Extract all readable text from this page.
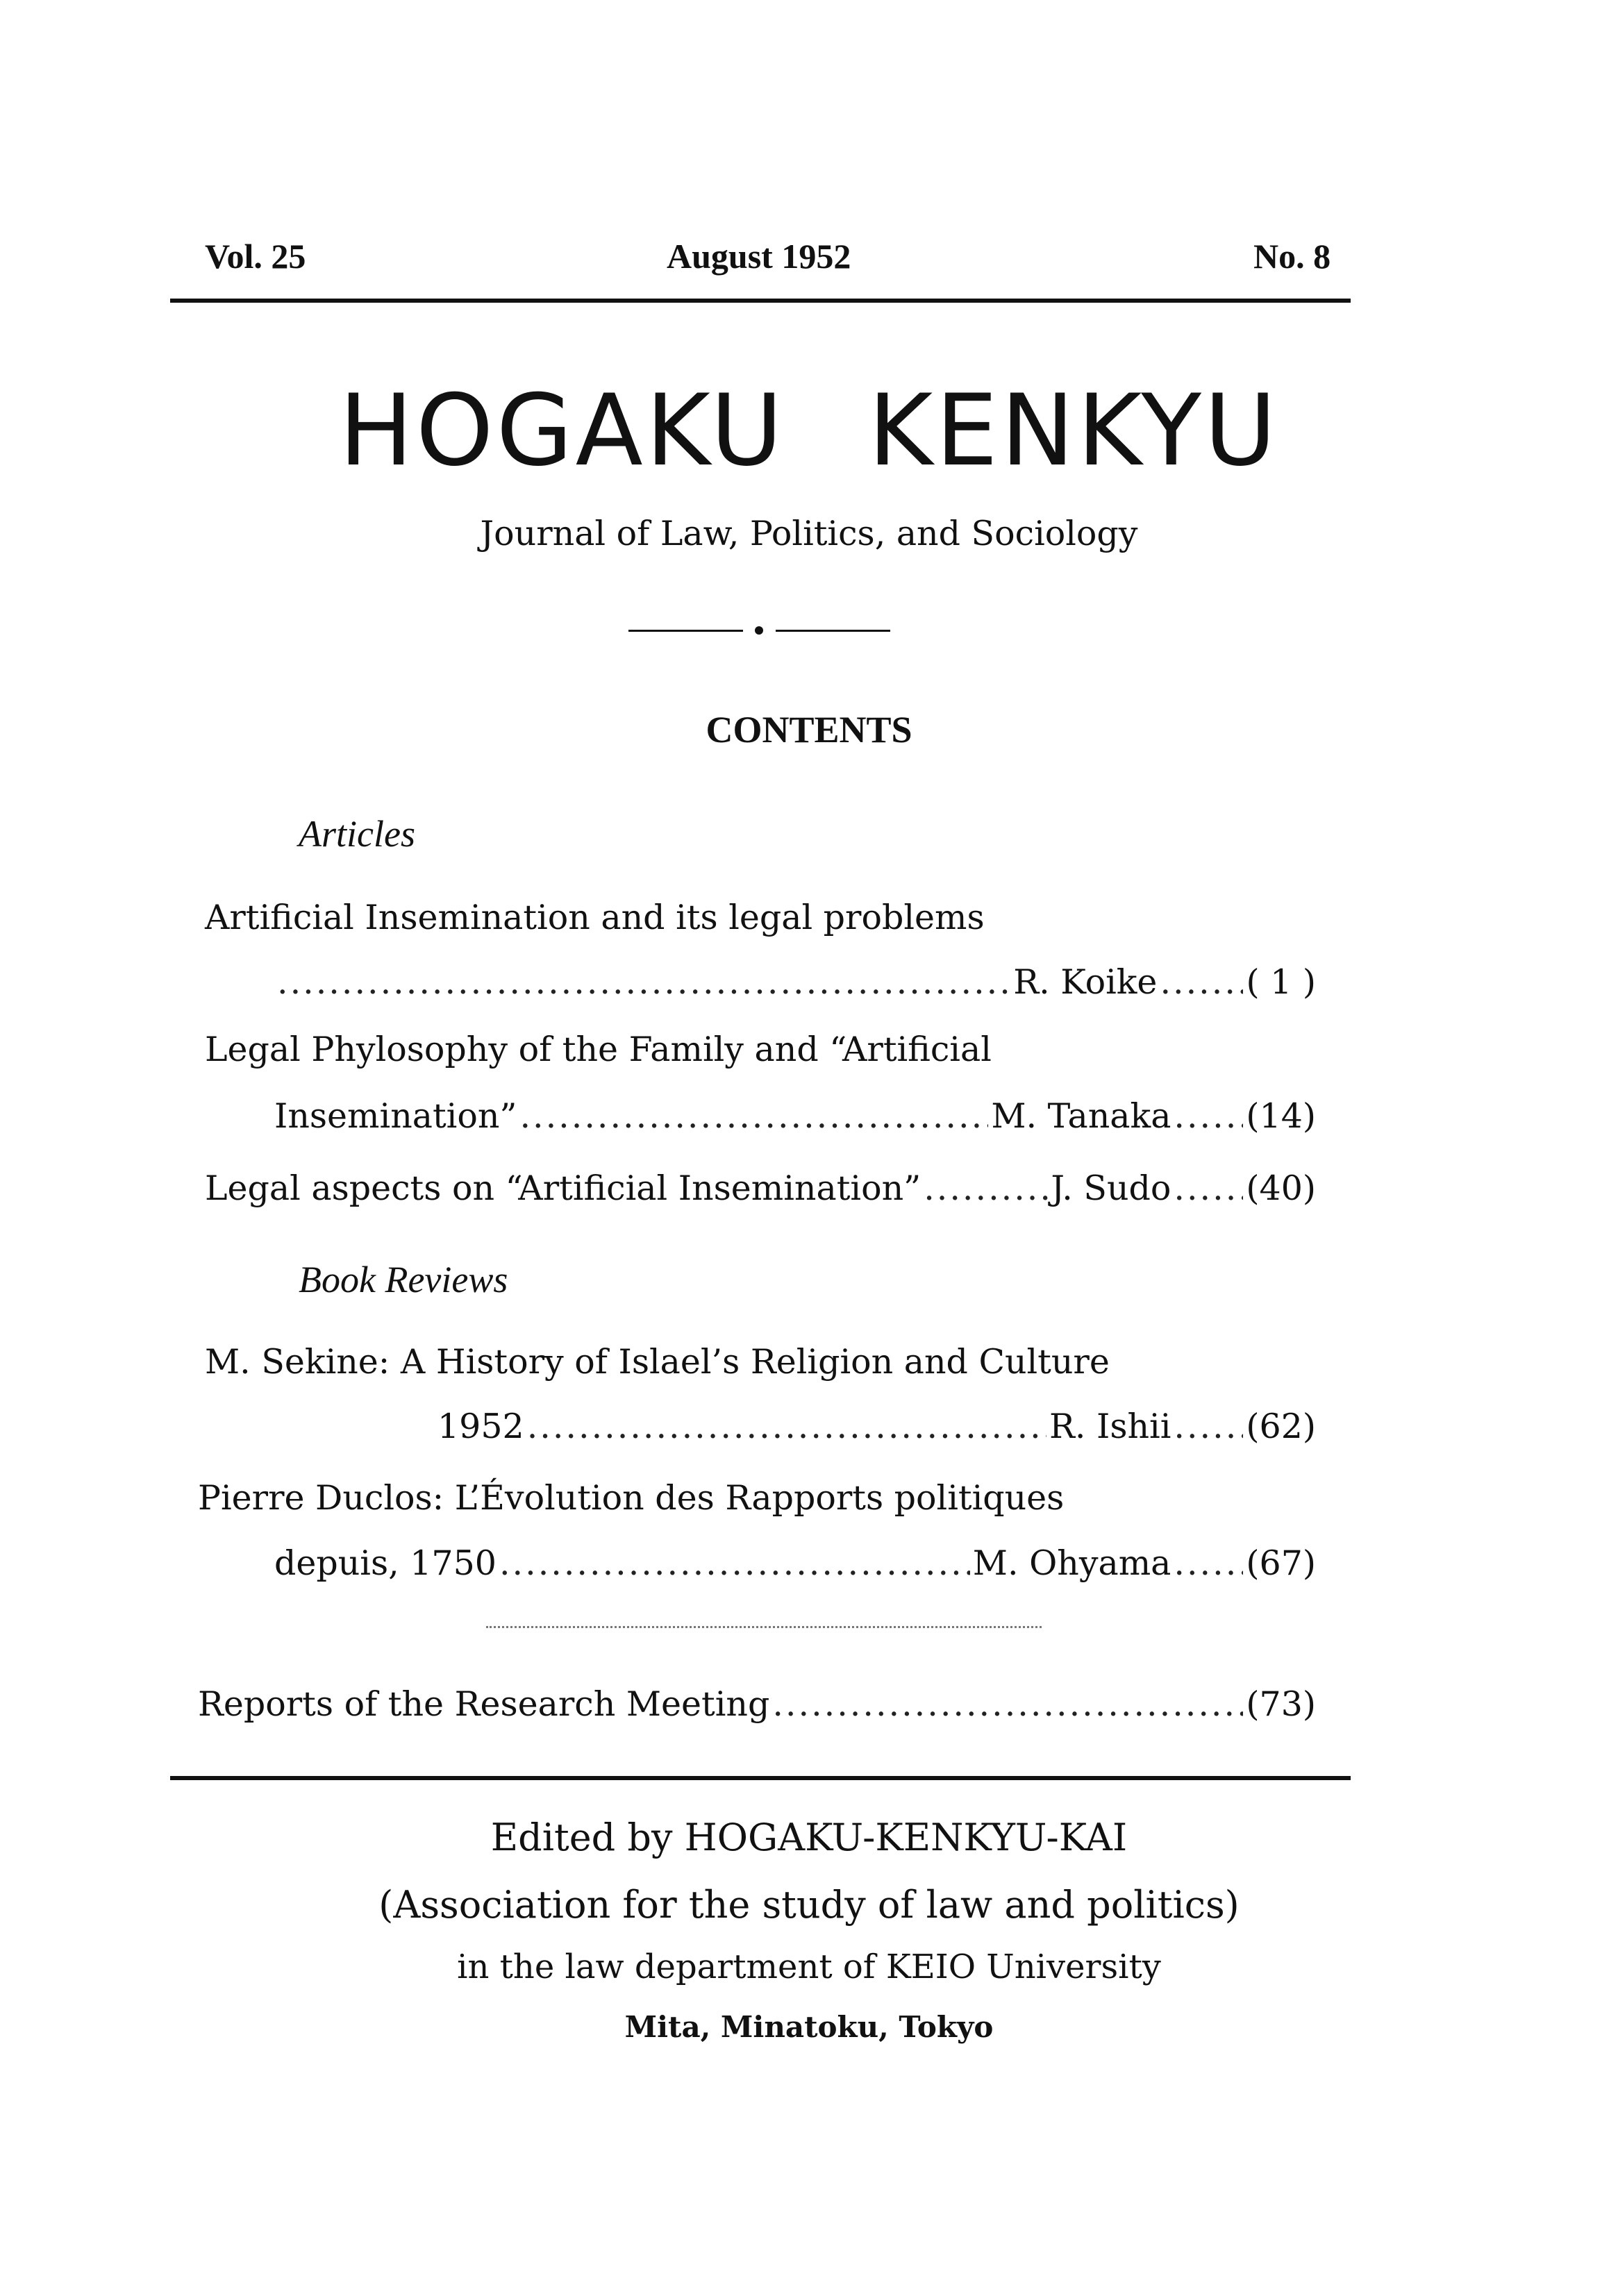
Vol. 25	August 1952	No. 8
HOGAKU KENKYU
Journal of Law, Politics, and Sociology
CONTENTS
Articles
Artificial Insemination and its legal problems
.....
R. Koike .....	( 1 )
Legal Phylosophy of the Family and “Artificial
Insemination” .....	M. Tanaka ..... (14)
Legal aspects on “Artificial Insemination” .....	J. Sudo ..... (40)
Book Reviews
M. Sekine: A History of Islael’s Religion and Culture
1952 .....	R. Ishii ..... (62)
Pierre Duclos: L’Évolution des Rapports politiques
depuis, 1750 .....	M. Ohyama ..... (67)
Reports of the Research Meeting .....	(73)
Edited by HOGAKU-KENKYU-KAI
(Association for the study of law and politics)
in the law department of KEIO University
Mita, Minatoku, Tokyo
